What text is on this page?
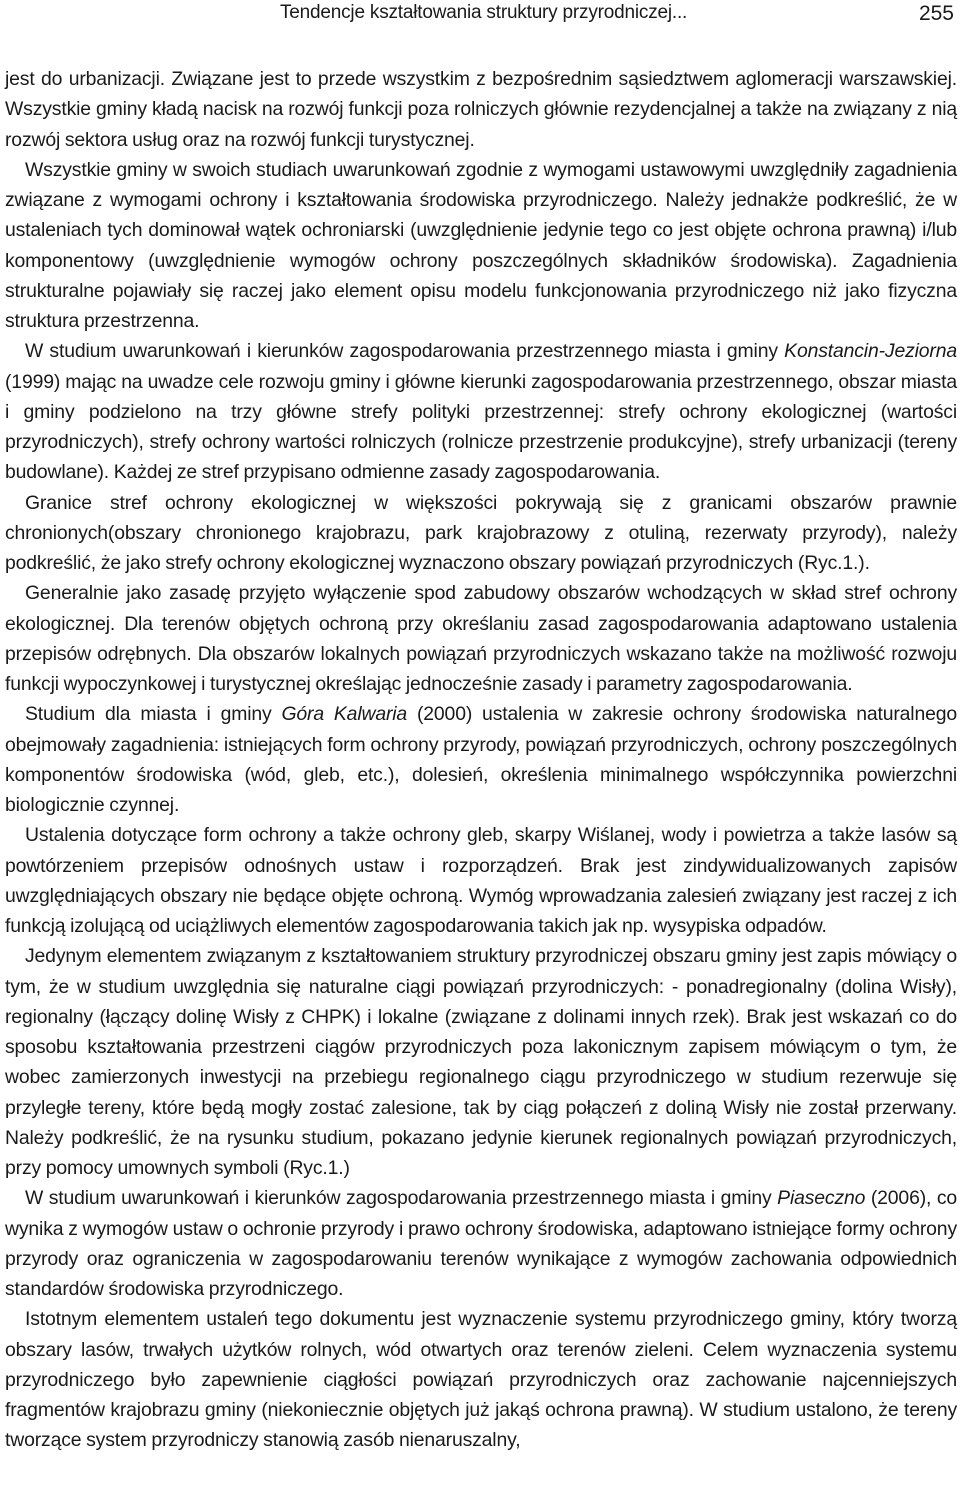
Tendencje kształtowania struktury przyrodniczej...	255

jest do urbanizacji. Związane jest to przede wszystkim z bezpośrednim sąsiedztwem aglomeracji warszawskiej. Wszystkie gminy kładą nacisk na rozwój funkcji poza rolniczych głównie rezydencjalnej a także na związany z nią rozwój sektora usług oraz na rozwój funkcji turystycznej.

Wszystkie gminy w swoich studiach uwarunkowań zgodnie z wymogami ustawowymi uwzględniły zagadnienia związane z wymogami ochrony i kształtowania środowiska przyrodniczego. Należy jednakże podkreślić, że w ustaleniach tych dominował wątek ochroniarski (uwzględnienie jedynie tego co jest objęte ochrona prawną) i/lub komponentowy (uwzględnienie wymogów ochrony poszczególnych składników środowiska). Zagadnienia strukturalne pojawiały się raczej jako element opisu modelu funkcjonowania przyrodniczego niż jako fizyczna struktura przestrzenna.

W studium uwarunkowań i kierunków zagospodarowania przestrzennego miasta i gminy Konstancin-Jeziorna (1999) mając na uwadze cele rozwoju gminy i główne kierunki zagospodarowania przestrzennego, obszar miasta i gminy podzielono na trzy główne strefy polityki przestrzennej: strefy ochrony ekologicznej (wartości przyrodniczych), strefy ochrony wartości rolniczych (rolnicze przestrzenie produkcyjne), strefy urbanizacji (tereny budowlane). Każdej ze stref przypisano odmienne zasady zagospodarowania.

Granice stref ochrony ekologicznej w większości pokrywają się z granicami obszarów prawnie chronionych(obszary chronionego krajobrazu, park krajobrazowy z otuliną, rezerwaty przyrody), należy podkreślić, że jako strefy ochrony ekologicznej wyznaczono obszary powiązań przyrodniczych (Ryc.1.).

Generalnie jako zasadę przyjęto wyłączenie spod zabudowy obszarów wchodzących w skład stref ochrony ekologicznej. Dla terenów objętych ochroną przy określaniu zasad zagospodarowania adaptowano ustalenia przepisów odrębnych. Dla obszarów lokalnych powiązań przyrodniczych wskazano także na możliwość rozwoju funkcji wypoczynkowej i turystycznej określając jednocześnie zasady i parametry zagospodarowania.

Studium dla miasta i gminy Góra Kalwaria (2000) ustalenia w zakresie ochrony środowiska naturalnego obejmowały zagadnienia: istniejących form ochrony przyrody, powiązań przyrodniczych, ochrony poszczególnych komponentów środowiska (wód, gleb, etc.), dolesień, określenia minimalnego współczynnika powierzchni biologicznie czynnej.

Ustalenia dotyczące form ochrony a także ochrony gleb, skarpy Wiślanej, wody i powietrza a także lasów są powtórzeniem przepisów odnośnych ustaw i rozporządzeń. Brak jest zindywidualizowanych zapisów uwzględniających obszary nie będące objęte ochroną. Wymóg wprowadzania zalesień związany jest raczej z ich funkcją izolującą od uciążliwych elementów zagospodarowania takich jak np. wysypiska odpadów.

Jedynym elementem związanym z kształtowaniem struktury przyrodniczej obszaru gminy jest zapis mówiący o tym, że w studium uwzględnia się naturalne ciągi powiązań przyrodniczych: - ponadregionalny (dolina Wisły), regionalny (łączący dolinę Wisły z CHPK) i lokalne (związane z dolinami innych rzek). Brak jest wskazań co do sposobu kształtowania przestrzeni ciągów przyrodniczych poza lakonicznym zapisem mówiącym o tym, że wobec zamierzonych inwestycji na przebiegu regionalnego ciągu przyrodniczego w studium rezerwuje się przyległe tereny, które będą mogły zostać zalesione, tak by ciąg połączeń z doliną Wisły nie został przerwany. Należy podkreślić, że na rysunku studium, pokazano jedynie kierunek regionalnych powiązań przyrodniczych, przy pomocy umownych symboli (Ryc.1.)

W studium uwarunkowań i kierunków zagospodarowania przestrzennego miasta i gminy Piaseczno (2006), co wynika z wymogów ustaw o ochronie przyrody i prawo ochrony środowiska, adaptowano istniejące formy ochrony przyrody oraz ograniczenia w zagospodarowaniu terenów wynikające z wymogów zachowania odpowiednich standardów środowiska przyrodniczego.

Istotnym elementem ustaleń tego dokumentu jest wyznaczenie systemu przyrodniczego gminy, który tworzą obszary lasów, trwałych użytków rolnych, wód otwartych oraz terenów zieleni. Celem wyznaczenia systemu przyrodniczego było zapewnienie ciągłości powiązań przyrodniczych oraz zachowanie najcenniejszych fragmentów krajobrazu gminy (niekoniecznie objętych już jakąś ochrona prawną). W studium ustalono, że tereny tworzące system przyrodniczy stanowią zasób nienaruszalny,
